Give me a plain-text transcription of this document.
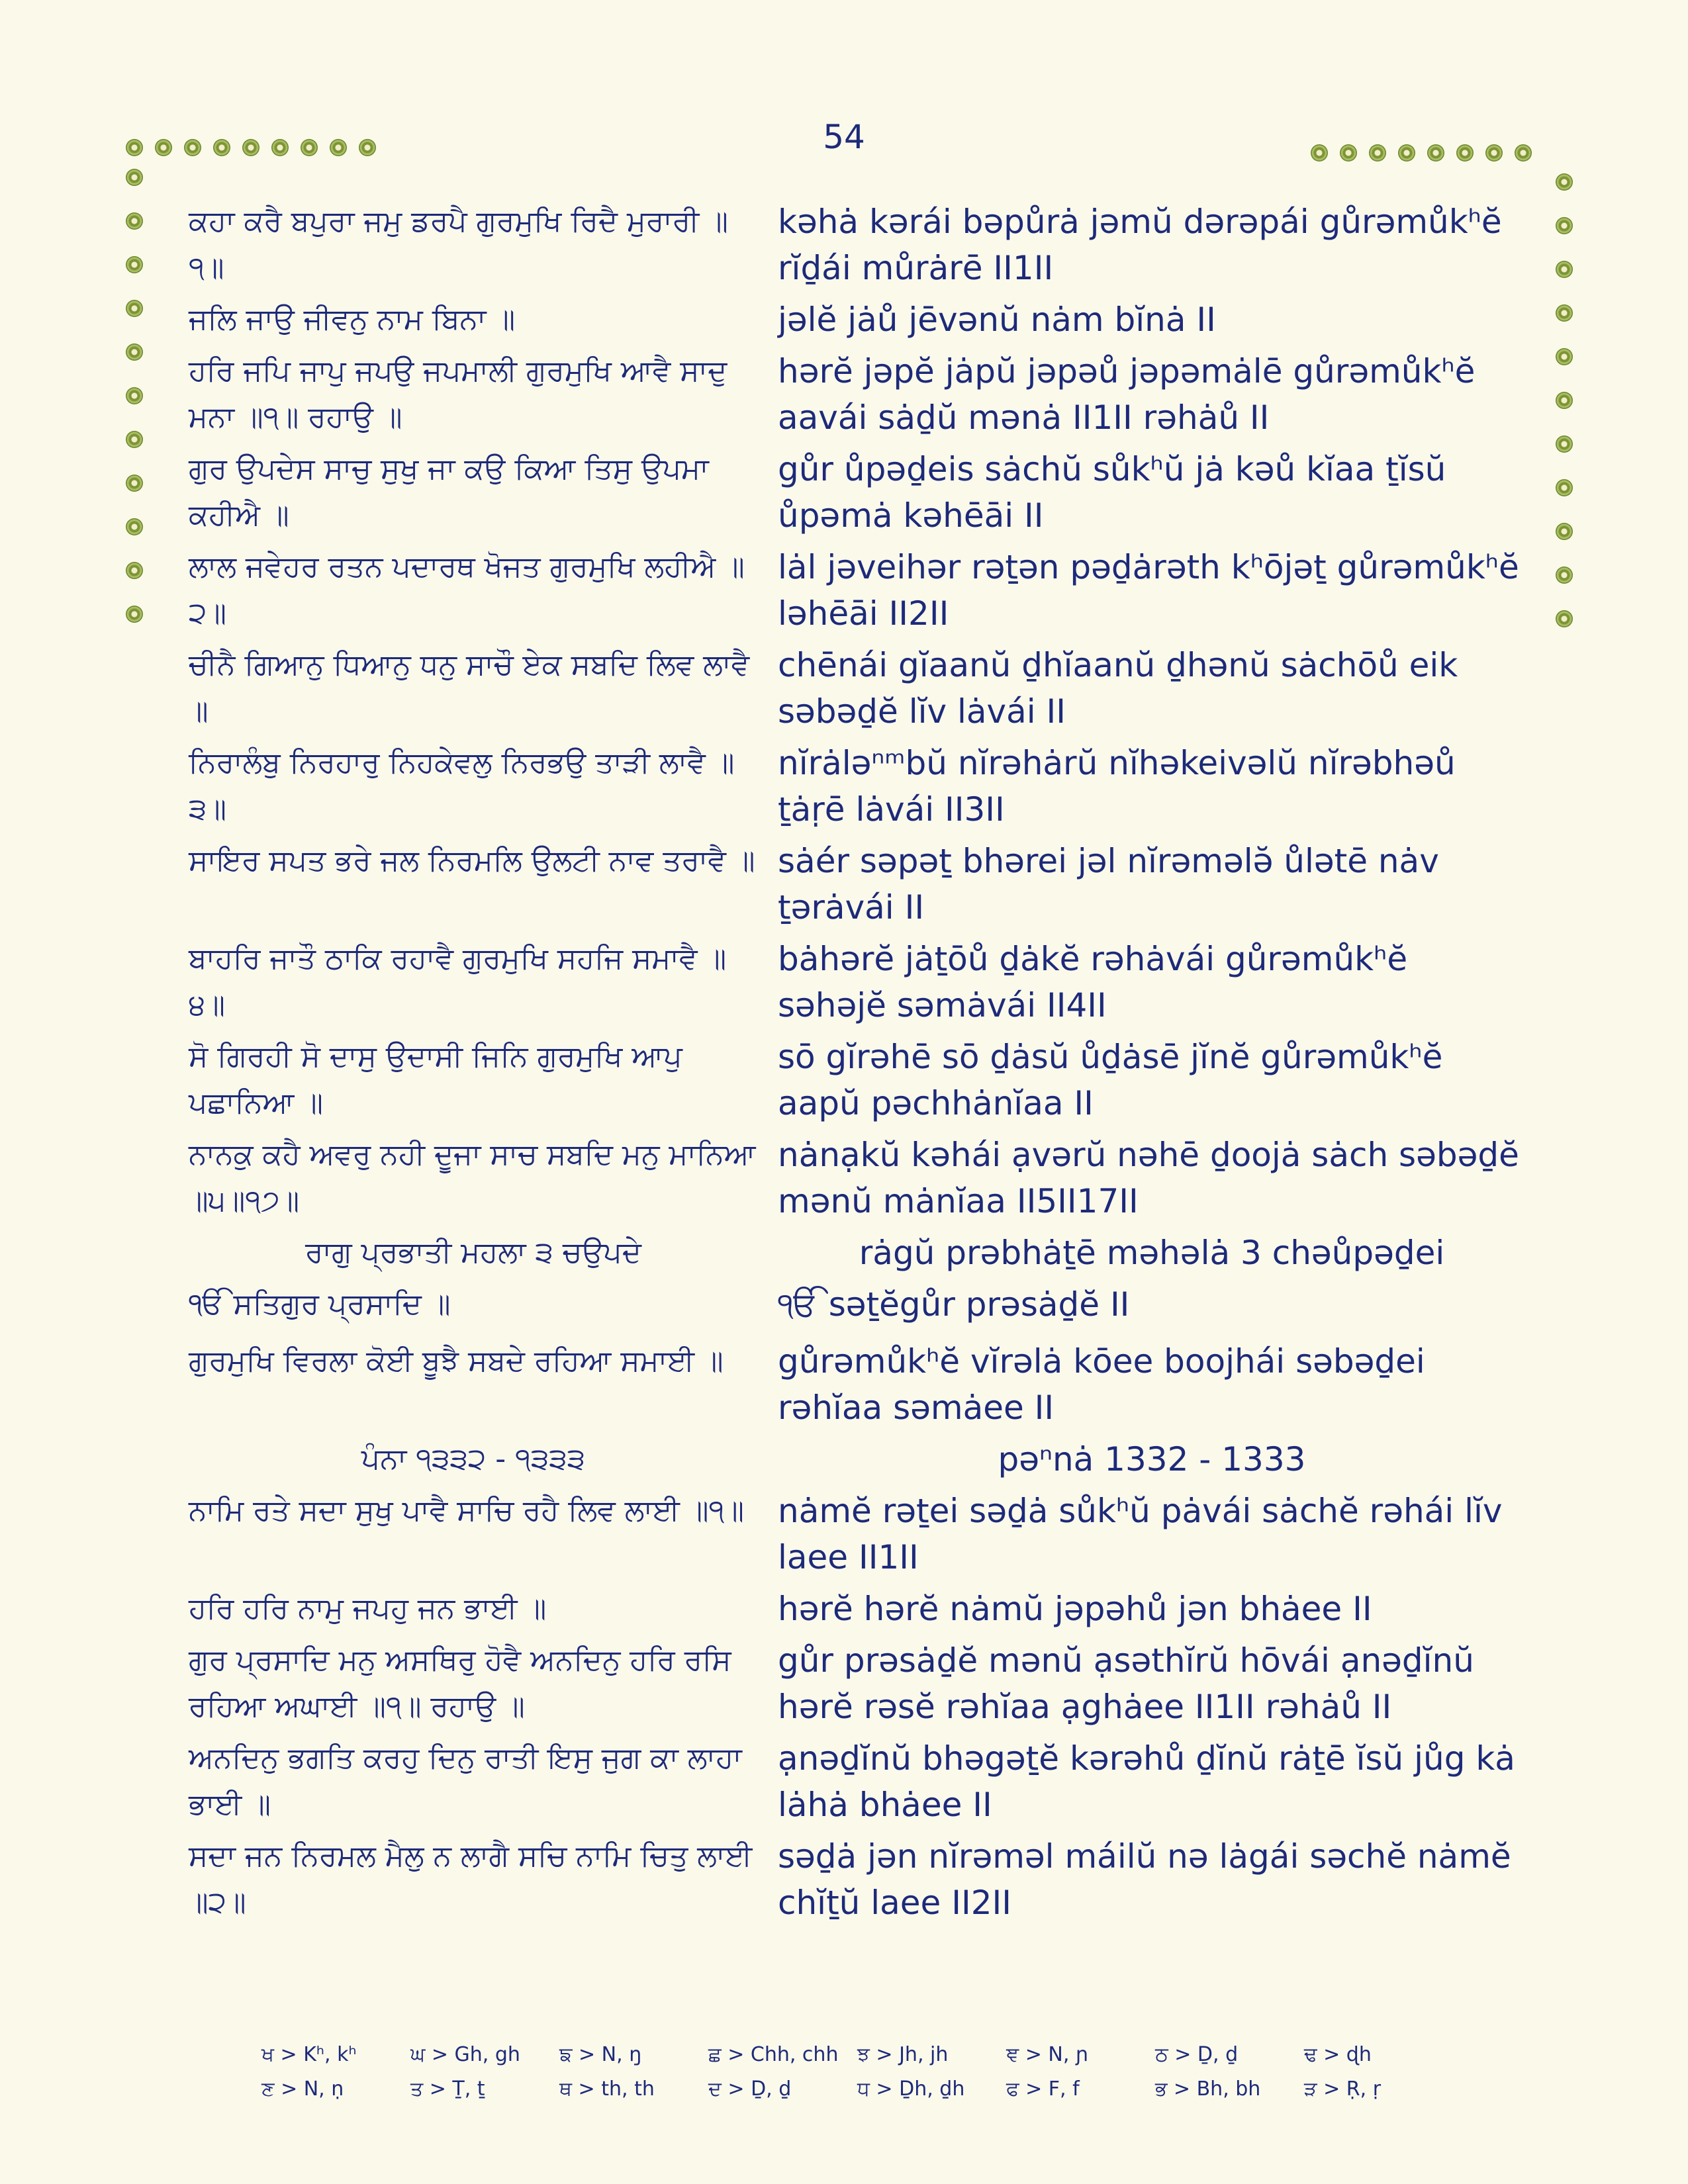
54
ਕਹਾ ਕਰੈ ਬਪੁਰਾ ਜਮੁ ਡਰਪੈ ਗੁਰਮੁਖਿ ਰਿਦੈ ਮੁਰਾਰੀ ॥੧॥
kəhȧ kərái bəpůrȧ jəmŭ dərəpái gůrəmůkʰĕ rĭḏái můrȧrē II1II
ਜਲਿ ਜਾਉ ਜੀਵਨੁ ਨਾਮ ਬਿਨਾ ॥	jəlĕ jȧů jēvənŭ nȧm bĭnȧ II
ਹਰਿ ਜਪਿ ਜਾਪੁ ਜਪਉ ਜਪਮਾਲੀ ਗੁਰਮੁਖਿ ਆਵੈ ਸਾਦੁ ਮਨਾ ॥੧॥ ਰਹਾਉ ॥
hərĕ jəpĕ jȧpŭ jəpəů jəpəmȧlē gůrəmůkʰĕ aavái sȧḏŭ mənȧ II1II rəhȧů II
ਗੁਰ ਉਪਦੇਸ ਸਾਚੁ ਸੁਖੁ ਜਾ ਕਉ ਕਿਆ ਤਿਸੁ ਉਪਮਾ ਕਹੀਐ ॥
gůr ůpəḏeis sȧchŭ sůkʰŭ jȧ kəů kĭaa ṯĭsŭ ůpəmȧ kəhēāi II
ਲਾਲ ਜਵੇਹਰ ਰਤਨ ਪਦਾਰਥ ਖੋਜਤ ਗੁਰਮੁਖਿ ਲਹੀਐ ॥੨॥
lȧl jəveihər rəṯən pəḏȧrəth kʰōjəṯ gůrəmůkʰĕ ləhēāi II2II
ਚੀਨੈ ਗਿਆਨੁ ਧਿਆਨੁ ਧਨੁ ਸਾਚੌ ਏਕ ਸਬਦਿ ਲਿਵ ਲਾਵੈ ॥
chēnái gĭaanŭ ḏhĭaanŭ ḏhənŭ sȧchōů eik səbəḏĕ lĭv lȧvái II
ਨਿਰਾਲੰਬੁ ਨਿਰਹਾਰੁ ਨਿਹਕੇਵਲੁ ਨਿਰਭਉ ਤਾੜੀ ਲਾਵੈ ॥੩॥
nĭrȧləⁿᵐbŭ nĭrəhȧrŭ nĭhəkeivəlŭ nĭrəbhəů ṯȧṛē lȧvái II3II
ਸਾਇਰ ਸਪਤ ਭਰੇ ਜਲ ਨਿਰਮਲਿ ਉਲਟੀ ਨਾਵ ਤਰਾਵੈ ॥ sȧér səpəṯ bhərei jəl nĭrəmələ̆ ůlətē nȧv ṯərȧvái II
ਬਾਹਰਿ ਜਾਤੌ ਠਾਕਿ ਰਹਾਵੈ ਗੁਰਮੁਖਿ ਸਹਜਿ ਸਮਾਵੈ ॥੪॥
bȧhərĕ jȧṯōů ḏȧkĕ rəhȧvái gůrəmůkʰĕ səhəjĕ səmȧvái II4II
ਸੋ ਗਿਰਹੀ ਸੋ ਦਾਸੁ ਉਦਾਸੀ ਜਿਨਿ ਗੁਰਮੁਖਿ ਆਪੁ ਪਛਾਨਿਆ ॥
sō gĭrəhē sō ḏȧsŭ ůḏȧsē jĭnĕ gůrəmůkʰĕ aapŭ pəchhȧnĭaa II
ਨਾਨਕੁ ਕਹੈ ਅਵਰੁ ਨਹੀ ਦੂਜਾ ਸਾਚ ਸਬਦਿ ਮਨੁ ਮਾਨਿਆ ॥੫॥੧੭॥
nȧnạkŭ kəhái ạvərŭ nəhē ḏoojȧ sȧch səbəḏĕ mənŭ mȧnĭaa II5II17II
ਰਾਗੁ ਪ੍ਰਭਾਤੀ ਮਹਲਾ ੩ ਚਉਪਦੇ	rȧgŭ prəbhȧṯē məhəlȧ 3 chəůpəḏei
ੴ ਸਤਿਗੁਰ ਪ੍ਰਸਾਦਿ ॥	ੴ səṯĕgůr prəsȧḏĕ II
ਗੁਰਮੁਖਿ ਵਿਰਲਾ ਕੋਈ ਬੂਝੈ ਸਬਦੇ ਰਹਿਆ ਸਮਾਈ ॥	gůrəmůkʰĕ vĭrəlȧ kōee boojhái səbəḏei rəhĭaa səmȧee II
ਪੰਨਾ ੧੩੩੨ - ੧੩੩੩	pəⁿnȧ 1332 - 1333
ਨਾਮਿ ਰਤੇ ਸਦਾ ਸੁਖੁ ਪਾਵੈ ਸਾਚਿ ਰਹੈ ਲਿਵ ਲਾਈ ॥੧॥	nȧmĕ rəṯei səḏȧ sůkʰŭ pȧvái sȧchĕ rəhái lĭv laee II1II
ਹਰਿ ਹਰਿ ਨਾਮੁ ਜਪਹੁ ਜਨ ਭਾਈ ॥	hərĕ hərĕ nȧmŭ jəpəhů jən bhȧee II
ਗੁਰ ਪ੍ਰਸਾਦਿ ਮਨੁ ਅਸਥਿਰੁ ਹੋਵੈ ਅਨਦਿਨੁ ਹਰਿ ਰਸਿ ਰਹਿਆ ਅਘਾਈ ॥੧॥ ਰਹਾਉ ॥
gůr prəsȧḏĕ mənŭ ạsəthĭrŭ hōvái ạnəḏĭnŭ hərĕ rəsĕ rəhĭaa ạghȧee II1II rəhȧů II
ਅਨਦਿਨੁ ਭਗਤਿ ਕਰਹੁ ਦਿਨੁ ਰਾਤੀ ਇਸੁ ਜੁਗ ਕਾ ਲਾਹਾ ਭਾਈ ॥
ạnəḏĭnŭ bhəgəṯĕ kərəhů ḏĭnŭ rȧṯē ĭsŭ jůg kȧ lȧhȧ bhȧee II
ਸਦਾ ਜਨ ਨਿਰਮਲ ਮੈਲੁ ਨ ਲਾਗੈ ਸਚਿ ਨਾਮਿ ਚਿਤੁ ਲਾਈ ॥੨॥
səḏȧ jən nĭrəməl máilŭ nə lȧgái səchĕ nȧmĕ chĭṯŭ laee II2II
ਖ > Kʰ, kʰ	ਘ > Gh, gh	ਙ > N, ŋ	ਛ > Chh, chh ਝ > Jh, jh	ਞ > N, ɲ	ਠ > Ḏ, ḏ	ਢ > ɖh
ਣ > N, ṇ	ਤ > Ṯ, ṯ	ਥ > th, th	ਦ > Ḏ, ḏ	ਧ > Ḏh, ḏh	ਫ > F, f	ਭ > Bh, bh	ੜ > Ṛ, ṛ
